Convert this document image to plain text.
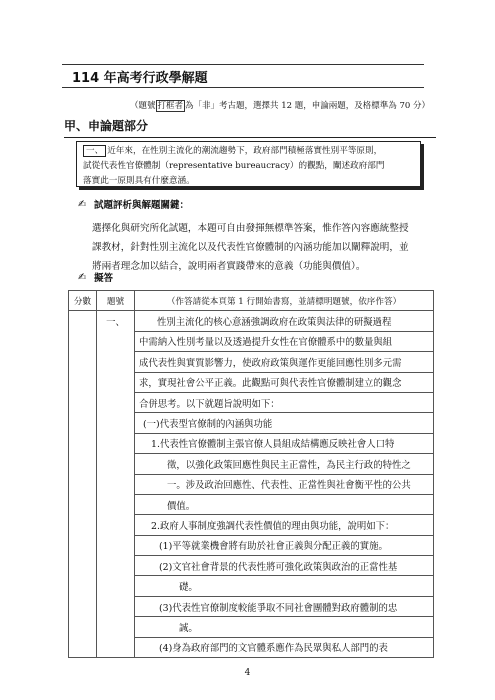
114 年高考行政學解題
（題號 打框者 為「非」考古題，選擇共 12 題，申論兩題，及格標準為 70 分）
甲、申論題部分
一、 近年來，在性別主流化的潮流趨勢下，政府部門積極落實性別平等原則，
試從代表性官僚體制（representative bureaucracy）的觀點，闡述政府部門
落實此一原則具有什麼意涵。
✍ 試題評析與解題關鍵：
選擇化與研究所化試題，本題可自由發揮無標準答案，惟作答內容應統整授
課教材，針對性別主流化以及代表性官僚體制的內涵功能加以闡釋說明，並
將兩者理念加以結合，說明兩者實踐帶來的意義（功能與價值）。
✍ 擬答
分數	題號	（作答請從本頁第 1 行開始書寫，並請標明題號，依序作答）
	一、	性別主流化的核心意涵強調政府在政策與法律的研擬過程
		中需納入性別考量以及透過提升女性在官僚體系中的數量與組
		成代表性與實質影響力，使政府政策與運作更能回應性別多元需
		求，實現社會公平正義。此觀點可與代表性官僚體制建立的觀念
		合併思考。以下就題旨說明如下：
		(一)代表型官僚制的內涵與功能
		1.代表性官僚體制主張官僚人員組成結構應反映社會人口特
		徵，以強化政策回應性與民主正當性，為民主行政的特性之
		一。涉及政治回應性、代表性、正當性與社會衡平性的公共
		價值。
		2.政府人事制度強調代表性價值的理由與功能，說明如下：
		(1)平等就業機會將有助於社會正義與分配正義的實施。
		(2)文官社會背景的代表性將可強化政策與政治的正當性基
		礎。
		(3)代表性官僚制度較能爭取不同社會團體對政府體制的忠
		誠。
		(4)身為政府部門的文官體系應作為民眾與私人部門的表
4
